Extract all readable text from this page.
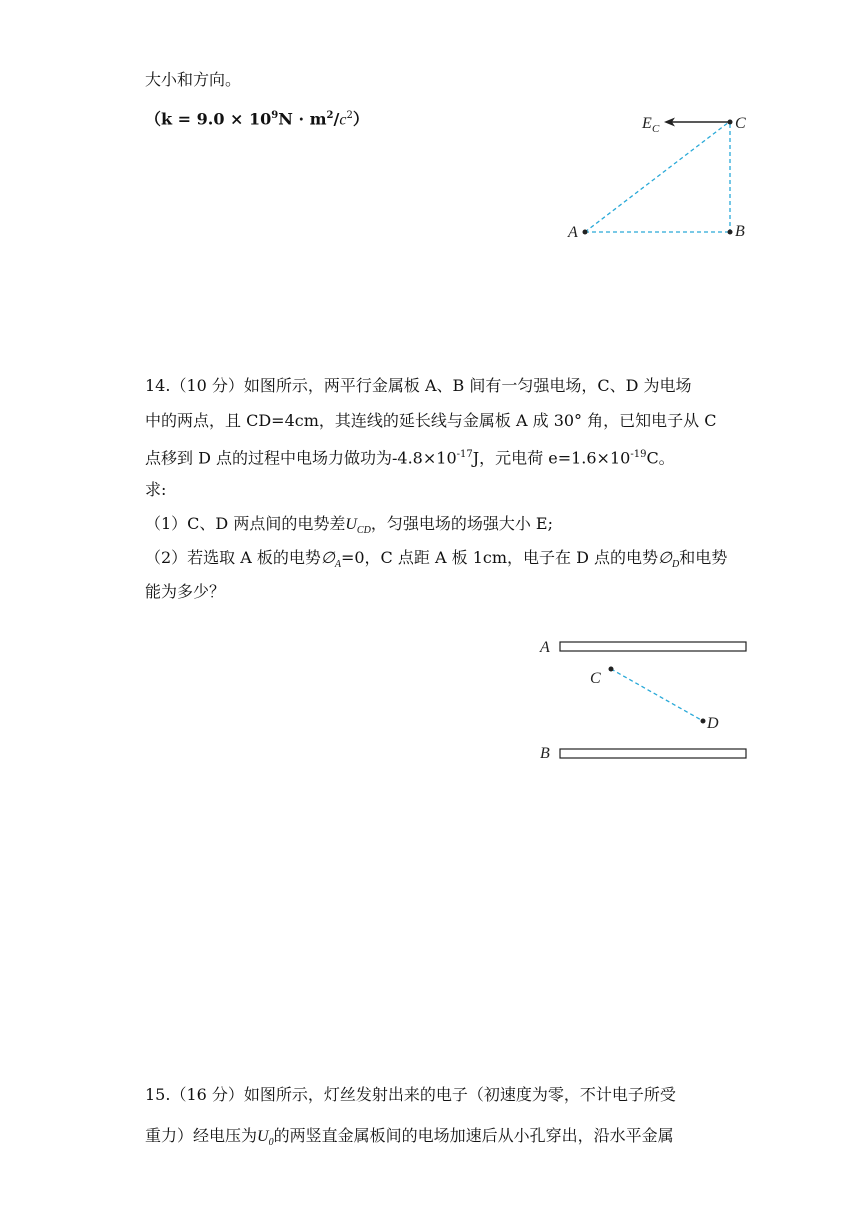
大小和方向。
$(k = 9.0 \times 10^9N \cdot m^2/c^2)$
A	B
C
E C
14.（10 分）如图所示，两平行金属板 A、B 间有一匀强电场，C、D 为电场
中的两点，且 CD=4cm，其连线的延长线与金属板 A 成 30° 角，已知电子从 C
点移到 D 点的过程中电场力做功为$-4.8\times 10^{-17}J$，元电荷 $e=1.6\times 10^{-19}C$。
求:
（1）C、D 两点间的电势差$U_{CD}$，匀强电场的场强大小 E;
（2）若选取 A 板的电势$\emptyset_A=0$，C 点距 A 板 1cm，电子在 D 点的电势$\emptyset_D$和电势
能为多少？
A
B
C
D
15.（16 分）如图所示，灯丝发射出来的电子（初速度为零，不计电子所受
重力）经电压为$U_0$的两竖直金属板间的电场加速后从小孔穿出，沿水平金属
